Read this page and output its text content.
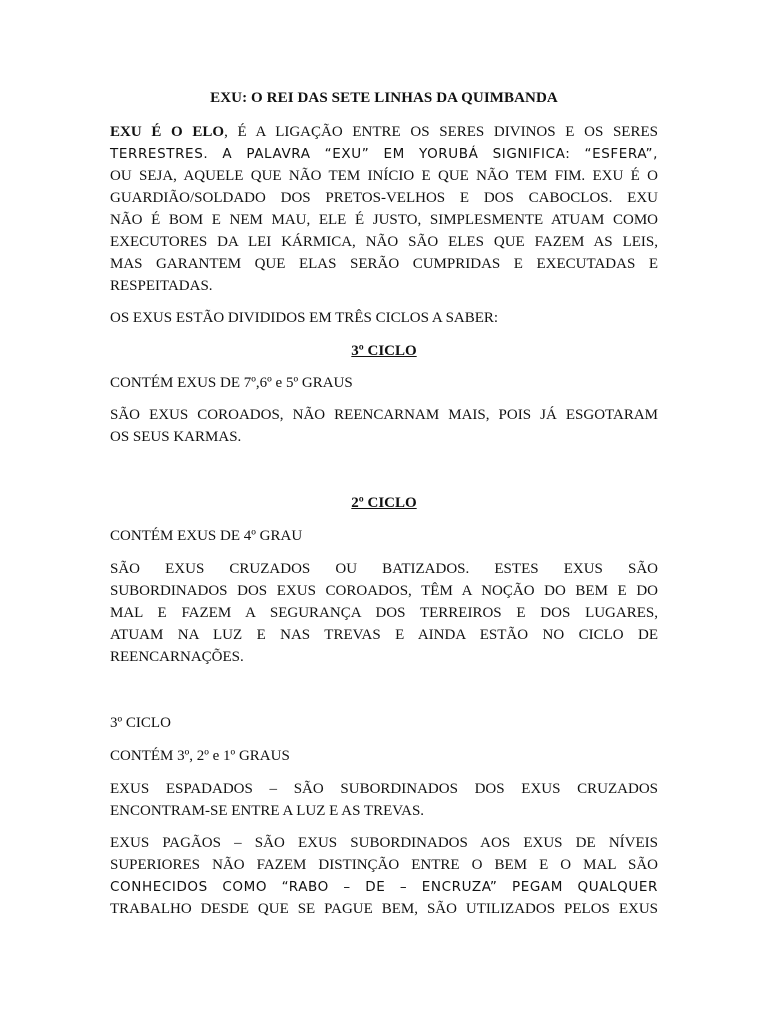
EXU: O REI DAS SETE LINHAS DA QUIMBANDA
EXU É O ELO, É A LIGAÇÃO ENTRE OS SERES DIVINOS E OS SERES
TERRESTRES. A PALAVRA “EXU” EM YORUBÁ SIGNIFICA: “ESFERA”,
OU SEJA, AQUELE QUE NÃO TEM INÍCIO E QUE NÃO TEM FIM. EXU É O
GUARDIÃO/SOLDADO DOS PRETOS-VELHOS E DOS CABOCLOS. EXU
NÃO É BOM E NEM MAU, ELE É JUSTO, SIMPLESMENTE ATUAM COMO
EXECUTORES DA LEI KÁRMICA, NÃO SÃO ELES QUE FAZEM AS LEIS,
MAS GARANTEM QUE ELAS SERÃO CUMPRIDAS E EXECUTADAS E
RESPEITADAS.
OS EXUS ESTÃO DIVIDIDOS EM TRÊS CICLOS A SABER:
3º CICLO
CONTÉM EXUS DE 7º,6º e 5º GRAUS
SÃO EXUS COROADOS, NÃO REENCARNAM MAIS, POIS JÁ ESGOTARAM
OS SEUS KARMAS.
2º CICLO
CONTÉM EXUS DE 4º GRAU
SÃO EXUS CRUZADOS OU BATIZADOS. ESTES EXUS SÃO
SUBORDINADOS DOS EXUS COROADOS, TÊM A NOÇÃO DO BEM E DO
MAL E FAZEM A SEGURANÇA DOS TERREIROS E DOS LUGARES,
ATUAM NA LUZ E NAS TREVAS E AINDA ESTÃO NO CICLO DE
REENCARNAÇÕES.
3º CICLO
CONTÉM 3º, 2º e 1º GRAUS
EXUS ESPADADOS – SÃO SUBORDINADOS DOS EXUS CRUZADOS
ENCONTRAM-SE ENTRE A LUZ E AS TREVAS.
EXUS PAGÃOS – SÃO EXUS SUBORDINADOS AOS EXUS DE NÍVEIS
SUPERIORES NÃO FAZEM DISTINÇÃO ENTRE O BEM E O MAL SÃO
CONHECIDOS COMO “RABO – DE – ENCRUZA” PEGAM QUALQUER
TRABALHO DESDE QUE SE PAGUE BEM, SÃO UTILIZADOS PELOS EXUS
